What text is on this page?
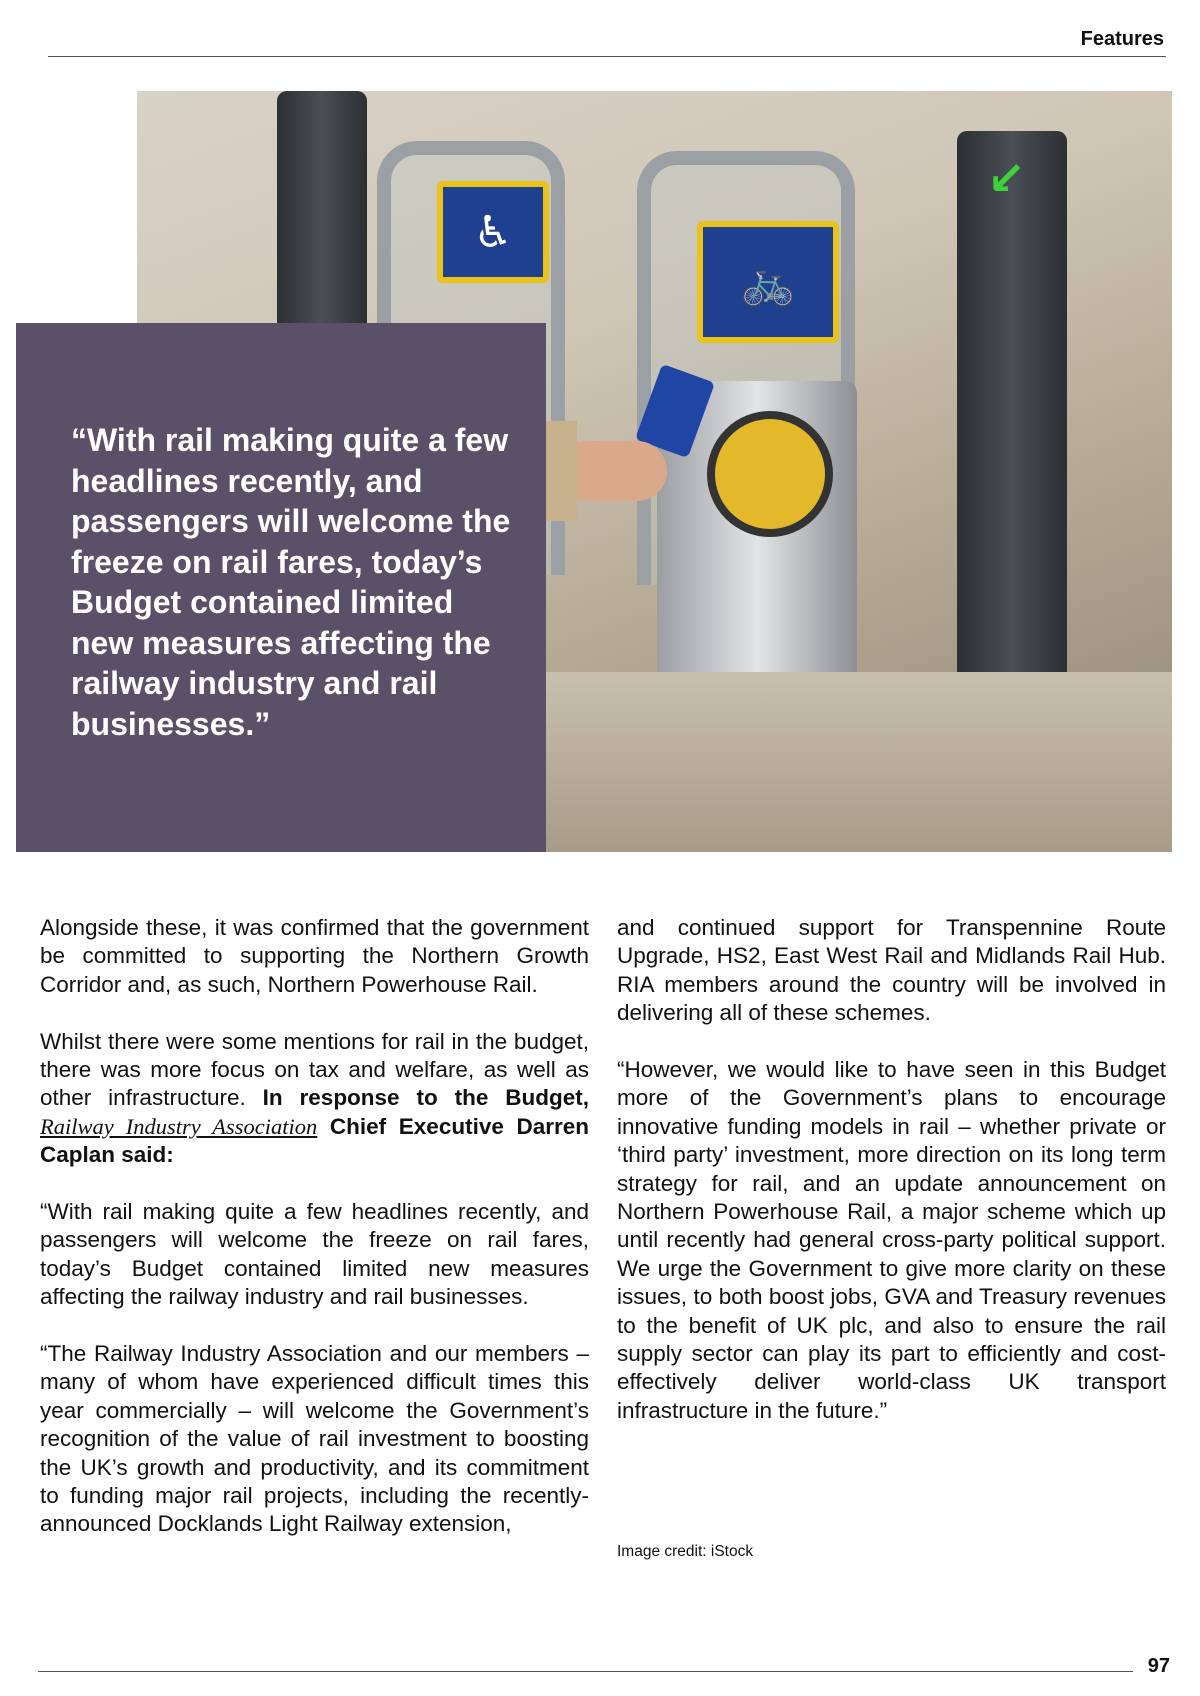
Features
♿
🚲
↙
“With rail making quite a few headlines recently, and passengers will welcome the freeze on rail fares, today’s Budget contained limited new measures affecting the railway industry and rail businesses.”

Alongside these, it was confirmed that the government be committed to supporting the Northern Growth Corridor and, as such, Northern Powerhouse Rail.

Whilst there were some mentions for rail in the budget, there was more focus on tax and welfare, as well as other infrastructure. In response to the Budget, Railway Industry Association Chief Executive Darren Caplan said:

“With rail making quite a few headlines recently, and passengers will welcome the freeze on rail fares, today’s Budget contained limited new measures affecting the railway industry and rail businesses.

“The Railway Industry Association and our members – many of whom have experienced difficult times this year commercially – will welcome the Government’s recognition of the value of rail investment to boosting the UK’s growth and productivity, and its commitment to funding major rail projects, including the recently-announced Docklands Light Railway extension,

and continued support for Transpennine Route Upgrade, HS2, East West Rail and Midlands Rail Hub. RIA members around the country will be involved in delivering all of these schemes.

“However, we would like to have seen in this Budget more of the Government’s plans to encourage innovative funding models in rail – whether private or ‘third party’ investment, more direction on its long term strategy for rail, and an update announcement on Northern Powerhouse Rail, a major scheme which up until recently had general cross-party political support. We urge the Government to give more clarity on these issues, to both boost jobs, GVA and Treasury revenues to the benefit of UK plc, and also to ensure the rail supply sector can play its part to efficiently and cost-effectively deliver world-class UK transport infrastructure in the future.”

Image credit: iStock
97
